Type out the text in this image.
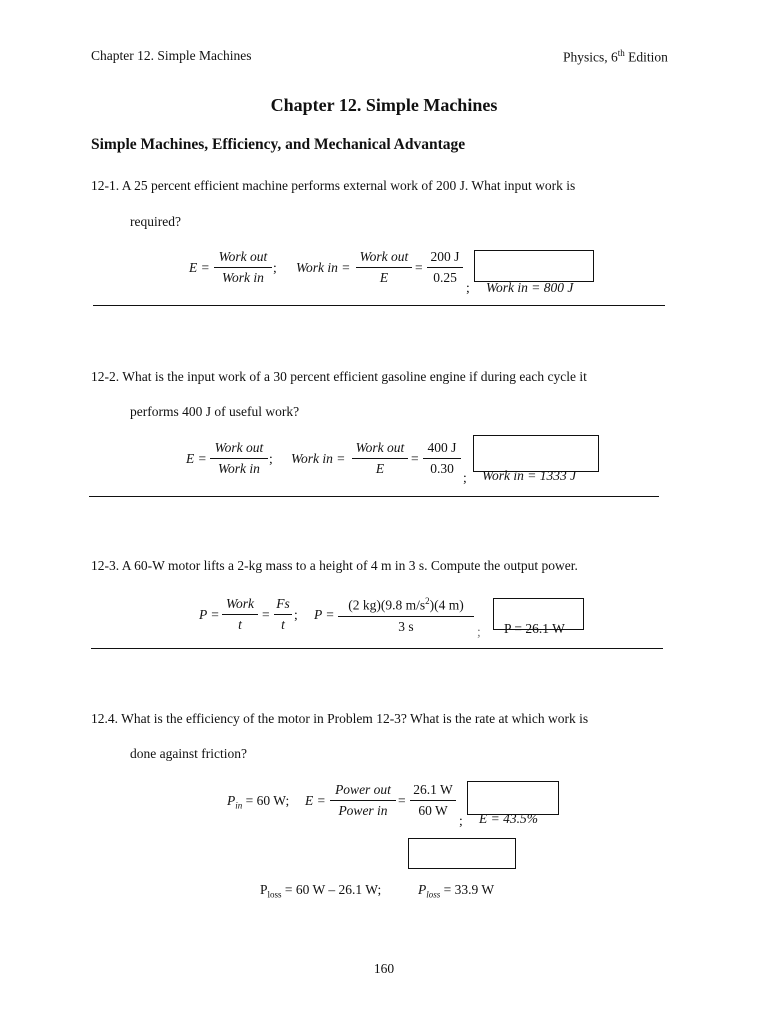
Chapter 12. Simple Machines	Physics, 6th Edition
Chapter 12. Simple Machines
Simple Machines, Efficiency, and Mechanical Advantage
12-1. A 25 percent efficient machine performs external work of 200 J. What input work is
required?
E =
Work out
Work in
; Work in =
Work out
E
=
200 J
0.25
; Work in = 800 J
12-2. What is the input work of a 30 percent efficient gasoline engine if during each cycle it
performs 400 J of useful work?
E =
Work out
Work in
; Work in =
Work out
E
=
400 J
0.30
; Work in = 1333 J
12-3. A 60-W motor lifts a 2-kg mass to a height of 4 m in 3 s. Compute the output power.
P =
Work
t
=
Fs
t
; P =
(2 kg)(9.8 $m/s^2)(4$ m)
3 s	; P = 26.1 W
12.4. What is the efficiency of the motor in Problem 12-3? What is the rate at which work is
done against friction?
$P_{in} = 60$ W; E =
Power out
Power in
=
26.1 W
60 W
; E = 43.5%
$P_{loss} = 60$ W – 26.1 W;	$P_{loss} = 33.9$ W
160
